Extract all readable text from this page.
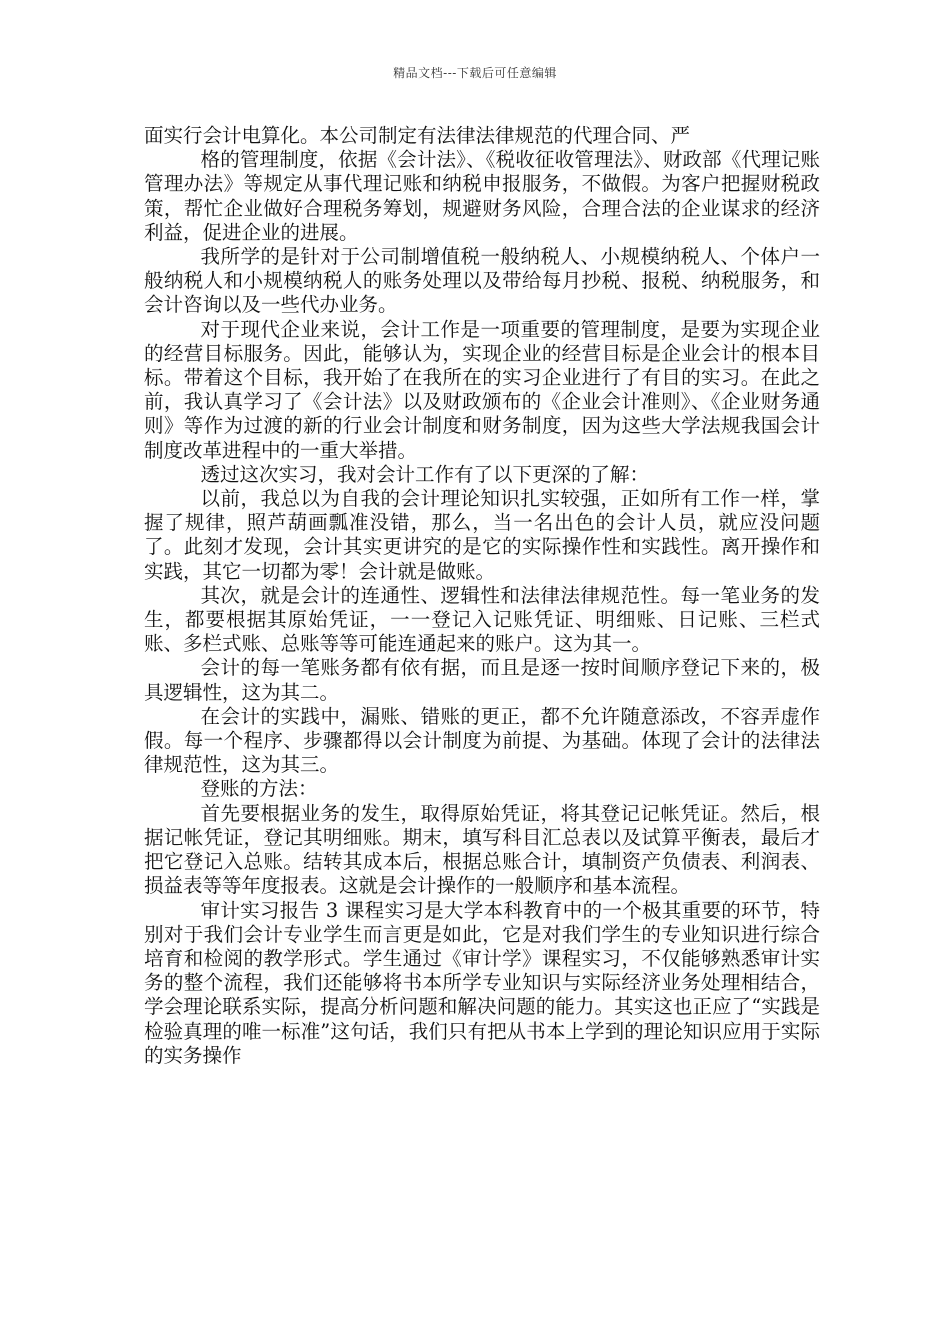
精品文档---下载后可任意编辑

面实行会计电算化。本公司制定有法律法律规范的代理合同、严

格的管理制度，依据《会计法》、《税收征收管理法》、财政部《代理记账管理办法》等规定从事代理记账和纳税申报服务，不做假。为客户把握财税政策，帮忙企业做好合理税务筹划，规避财务风险，合理合法的企业谋求的经济利益，促进企业的进展。

我所学的是针对于公司制增值税一般纳税人、小规模纳税人、个体户一般纳税人和小规模纳税人的账务处理以及带给每月抄税、报税、纳税服务，和会计咨询以及一些代办业务。

对于现代企业来说，会计工作是一项重要的管理制度，是要为实现企业的经营目标服务。因此，能够认为，实现企业的经营目标是企业会计的根本目标。带着这个目标，我开始了在我所在的实习企业进行了有目的实习。在此之前，我认真学习了《会计法》以及财政颁布的《企业会计准则》、《企业财务通则》等作为过渡的新的行业会计制度和财务制度，因为这些大学法规我国会计制度改革进程中的一重大举措。

透过这次实习，我对会计工作有了以下更深的了解：

以前，我总以为自我的会计理论知识扎实较强，正如所有工作一样，掌握了规律，照芦葫画瓢准没错，那么，当一名出色的会计人员，就应没问题了。此刻才发现，会计其实更讲究的是它的实际操作性和实践性。离开操作和实践，其它一切都为零！会计就是做账。

其次，就是会计的连通性、逻辑性和法律法律规范性。每一笔业务的发生，都要根据其原始凭证，一一登记入记账凭证、明细账、日记账、三栏式账、多栏式账、总账等等可能连通起来的账户。这为其一。

会计的每一笔账务都有依有据，而且是逐一按时间顺序登记下来的，极具逻辑性，这为其二。

在会计的实践中，漏账、错账的更正，都不允许随意添改，不容弄虚作假。每一个程序、步骤都得以会计制度为前提、为基础。体现了会计的法律法律规范性，这为其三。

登账的方法：

首先要根据业务的发生，取得原始凭证，将其登记记帐凭证。然后，根据记帐凭证，登记其明细账。期末，填写科目汇总表以及试算平衡表，最后才把它登记入总账。结转其成本后，根据总账合计，填制资产负债表、利润表、损益表等等年度报表。这就是会计操作的一般顺序和基本流程。

审计实习报告 3 课程实习是大学本科教育中的一个极其重要的环节，特别对于我们会计专业学生而言更是如此，它是对我们学生的专业知识进行综合培育和检阅的教学形式。学生通过《审计学》课程实习，不仅能够熟悉审计实务的整个流程，我们还能够将书本所学专业知识与实际经济业务处理相结合，学会理论联系实际，提高分析问题和解决问题的能力。其实这也正应了“实践是检验真理的唯一标准”这句话，我们只有把从书本上学到的理论知识应用于实际的实务操作
